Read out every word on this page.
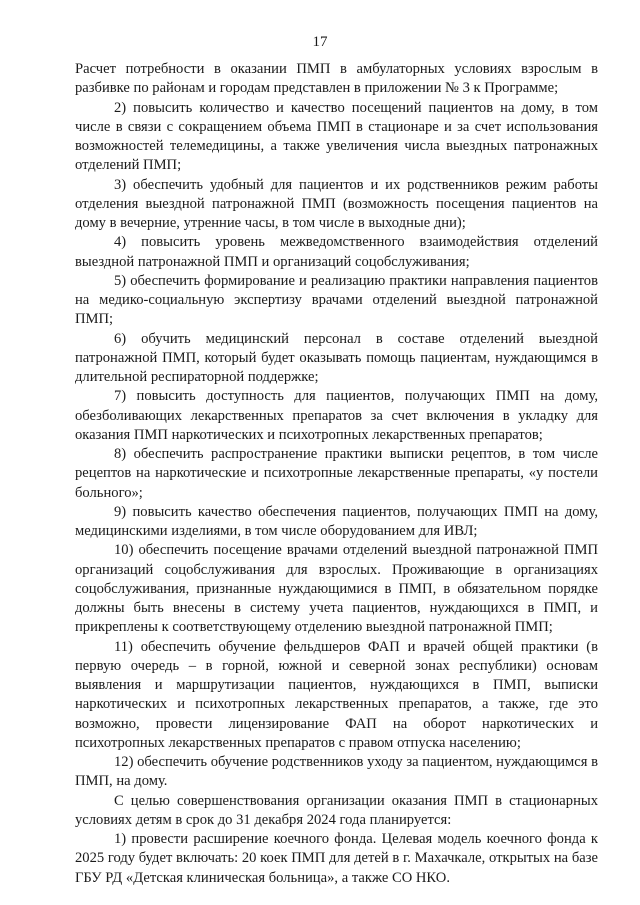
17

Расчет потребности в оказании ПМП в амбулаторных условиях взрослым в разбивке по районам и городам представлен в приложении № 3 к Программе;

2) повысить количество и качество посещений пациентов на дому, в том числе в связи с сокращением объема ПМП в стационаре и за счет использования возможностей телемедицины, а также увеличения числа выездных патронажных отделений ПМП;

3) обеспечить удобный для пациентов и их родственников режим работы отделения выездной патронажной ПМП (возможность посещения пациентов на дому в вечерние, утренние часы, в том числе в выходные дни);

4) повысить уровень межведомственного взаимодействия отделений выездной патронажной ПМП и организаций соцобслуживания;

5) обеспечить формирование и реализацию практики направления пациентов на медико-социальную экспертизу врачами отделений выездной патронажной ПМП;

6) обучить медицинский персонал в составе отделений выездной патронажной ПМП, который будет оказывать помощь пациентам, нуждающимся в длительной респираторной поддержке;

7) повысить доступность для пациентов, получающих ПМП на дому, обезболивающих лекарственных препаратов за счет включения в укладку для оказания ПМП наркотических и психотропных лекарственных препаратов;

8) обеспечить распространение практики выписки рецептов, в том числе рецептов на наркотические и психотропные лекарственные препараты, «у постели больного»;

9) повысить качество обеспечения пациентов, получающих ПМП на дому, медицинскими изделиями, в том числе оборудованием для ИВЛ;

10) обеспечить посещение врачами отделений выездной патронажной ПМП организаций соцобслуживания для взрослых. Проживающие в организациях соцобслуживания, признанные нуждающимися в ПМП, в обязательном порядке должны быть внесены в систему учета пациентов, нуждающихся в ПМП, и прикреплены к соответствующему отделению выездной патронажной ПМП;

11) обеспечить обучение фельдшеров ФАП и врачей общей практики (в первую очередь – в горной, южной и северной зонах республики) основам выявления и маршрутизации пациентов, нуждающихся в ПМП, выписки наркотических и психотропных лекарственных препаратов, а также, где это возможно, провести лицензирование ФАП на оборот наркотических и психотропных лекарственных препаратов с правом отпуска населению;

12) обеспечить обучение родственников уходу за пациентом, нуждающимся в ПМП, на дому.

С целью совершенствования организации оказания ПМП в стационарных условиях детям в срок до 31 декабря 2024 года планируется:

1) провести расширение коечного фонда. Целевая модель коечного фонда к 2025 году будет включать: 20 коек ПМП для детей в г. Махачкале, открытых на базе ГБУ РД «Детская клиническая больница», а также СО НКО.
